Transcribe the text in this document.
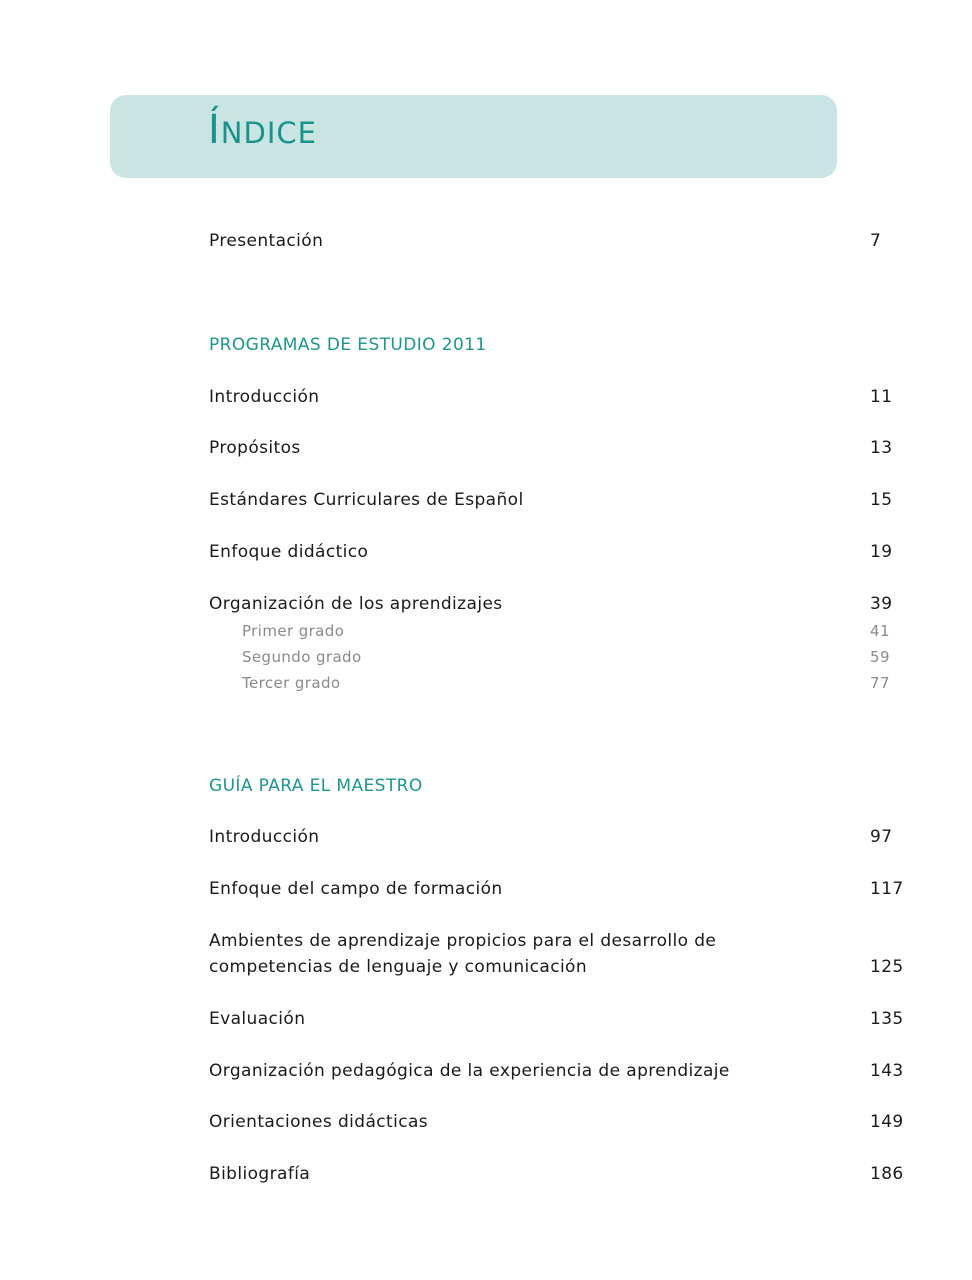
ÍNDICE
Presentación	7
PROGRAMAS DE ESTUDIO 2011
Introducción	11
Propósitos	13
Estándares Curriculares de Español	15
Enfoque didáctico	19
Organización de los aprendizajes	39
Primer grado	41
Segundo grado	59
Tercer grado	77
GUÍA PARA EL MAESTRO
Introducción	97
Enfoque del campo de formación	117
Ambientes de aprendizaje propicios para el desarrollo de
competencias de lenguaje y comunicación	125
Evaluación	135
Organización pedagógica de la experiencia de aprendizaje	143
Orientaciones didácticas	149
Bibliografía	186
